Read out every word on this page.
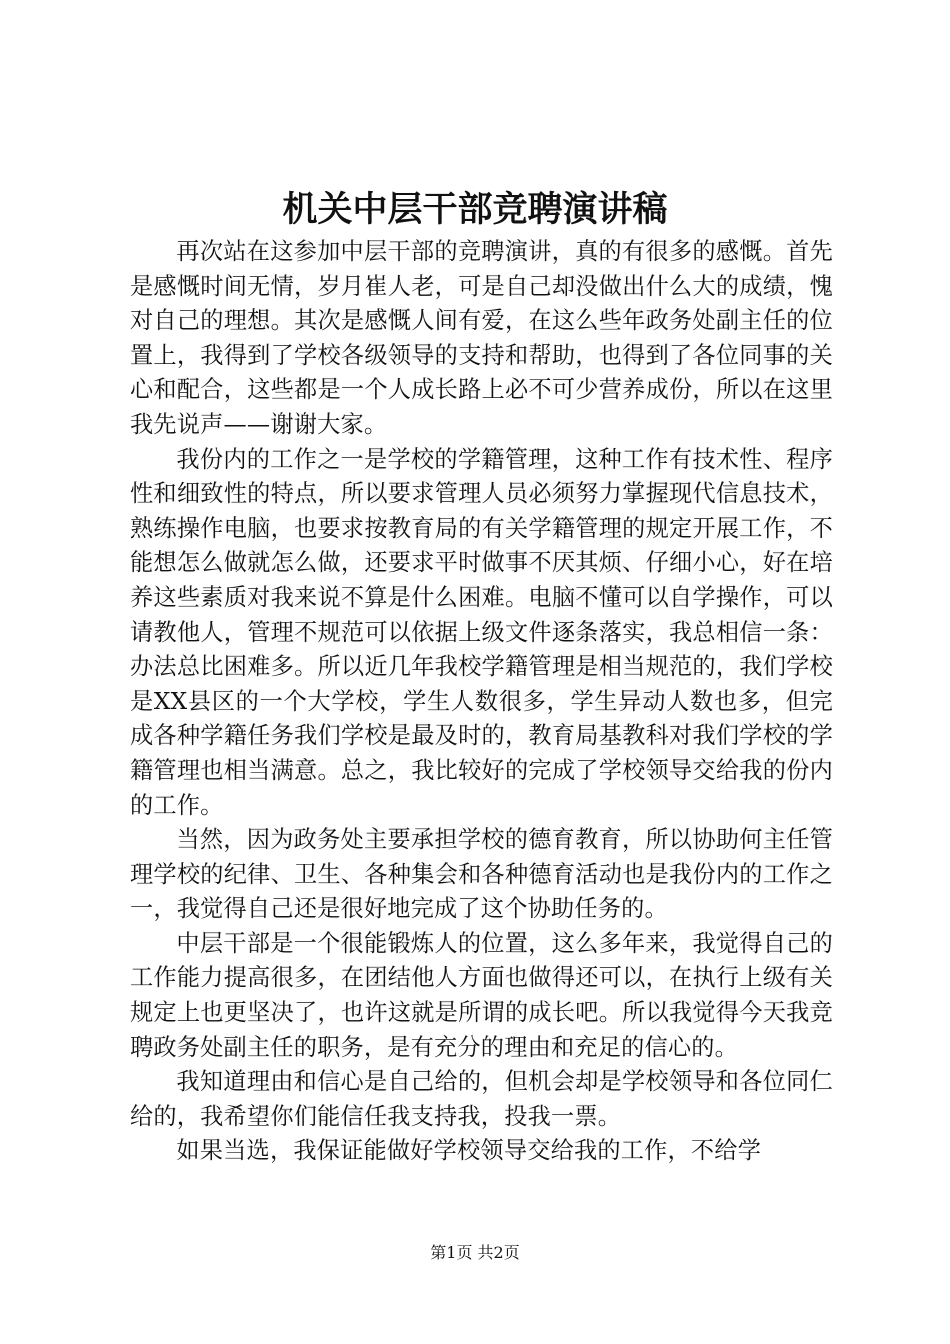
机关中层干部竞聘演讲稿

再次站在这参加中层干部的竞聘演讲，真的有很多的感慨。首先是感慨时间无情，岁月崔人老，可是自己却没做出什么大的成绩，愧对自己的理想。其次是感慨人间有爱，在这么些年政务处副主任的位置上，我得到了学校各级领导的支持和帮助，也得到了各位同事的关心和配合，这些都是一个人成长路上必不可少营养成份，所以在这里我先说声——谢谢大家。

我份内的工作之一是学校的学籍管理，这种工作有技术性、程序性和细致性的特点，所以要求管理人员必须努力掌握现代信息技术，熟练操作电脑，也要求按教育局的有关学籍管理的规定开展工作，不能想怎么做就怎么做，还要求平时做事不厌其烦、仔细小心，好在培养这些素质对我来说不算是什么困难。电脑不懂可以自学操作，可以请教他人，管理不规范可以依据上级文件逐条落实，我总相信一条：办法总比困难多。所以近几年我校学籍管理是相当规范的，我们学校是XX县区的一个大学校，学生人数很多，学生异动人数也多，但完成各种学籍任务我们学校是最及时的，教育局基教科对我们学校的学籍管理也相当满意。总之，我比较好的完成了学校领导交给我的份内的工作。

当然，因为政务处主要承担学校的德育教育，所以协助何主任管理学校的纪律、卫生、各种集会和各种德育活动也是我份内的工作之一，我觉得自己还是很好地完成了这个协助任务的。

中层干部是一个很能锻炼人的位置，这么多年来，我觉得自己的工作能力提高很多，在团结他人方面也做得还可以，在执行上级有关规定上也更坚决了，也许这就是所谓的成长吧。所以我觉得今天我竞聘政务处副主任的职务，是有充分的理由和充足的信心的。

我知道理由和信心是自己给的，但机会却是学校领导和各位同仁给的，我希望你们能信任我支持我，投我一票。

如果当选，我保证能做好学校领导交给我的工作，不给学

第1页 共2页
